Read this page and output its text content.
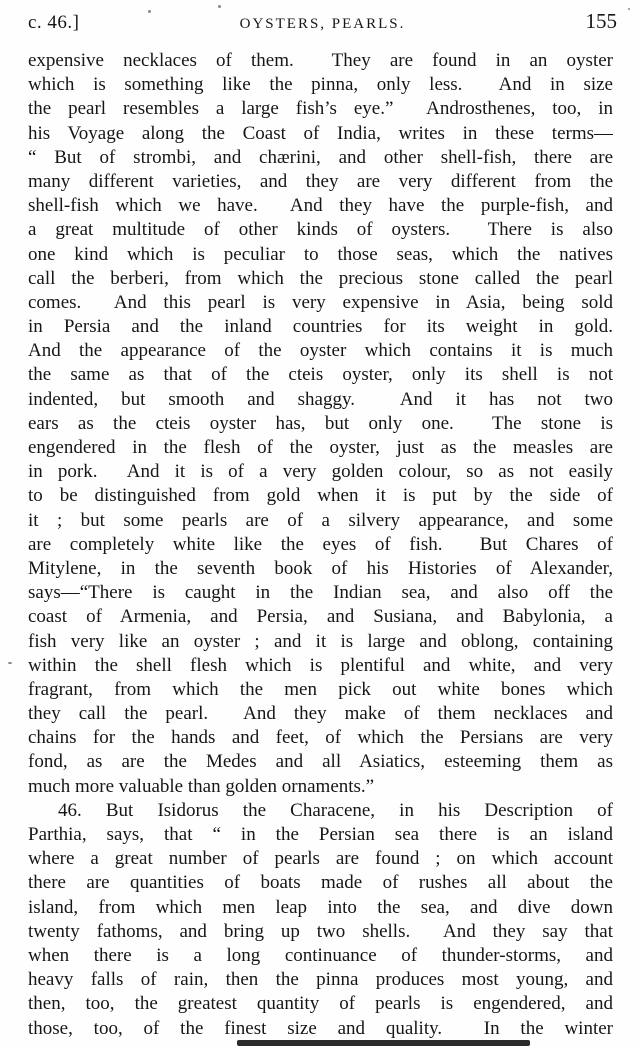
c. 46.]	OYSTERS, PEARLS.	155
expensive necklaces of them.  They are found in an oyster
which is something like the pinna, only less.  And in size
the pearl resembles a large fish’s eye.”  Androsthenes, too, in
his Voyage along the Coast of India, writes in these terms—
“ But of strombi, and chærini, and other shell-fish, there are
many different varieties, and they are very different from the
shell-fish which we have.  And they have the purple-fish, and
a great multitude of other kinds of oysters.  There is also
one kind which is peculiar to those seas, which the natives
call the berberi, from which the precious stone called the pearl
comes.  And this pearl is very expensive in Asia, being sold
in Persia and the inland countries for its weight in gold.
And the appearance of the oyster which contains it is much
the same as that of the cteis oyster, only its shell is not
indented, but smooth and shaggy.  And it has not two
ears as the cteis oyster has, but only one.  The stone is
engendered in the flesh of the oyster, just as the measles are
in pork.  And it is of a very golden colour, so as not easily
to be distinguished from gold when it is put by the side of
it ; but some pearls are of a silvery appearance, and some
are completely white like the eyes of fish.  But Chares of
Mitylene, in the seventh book of his Histories of Alexander,
says—“There is caught in the Indian sea, and also off the
coast of Armenia, and Persia, and Susiana, and Babylonia, a
fish very like an oyster ; and it is large and oblong, containing
within the shell flesh which is plentiful and white, and very
fragrant, from which the men pick out white bones which
they call the pearl.  And they make of them necklaces and
chains for the hands and feet, of which the Persians are very
fond, as are the Medes and all Asiatics, esteeming them as
much more valuable than golden ornaments.”
46. But Isidorus the Characene, in his Description of
Parthia, says, that “ in the Persian sea there is an island
where a great number of pearls are found ; on which account
there are quantities of boats made of rushes all about the
island, from which men leap into the sea, and dive down
twenty fathoms, and bring up two shells.  And they say that
when there is a long continuance of thunder-storms, and
heavy falls of rain, then the pinna produces most young, and
then, too, the greatest quantity of pearls is engendered, and
those, too, of the finest size and quality.  In the winter
